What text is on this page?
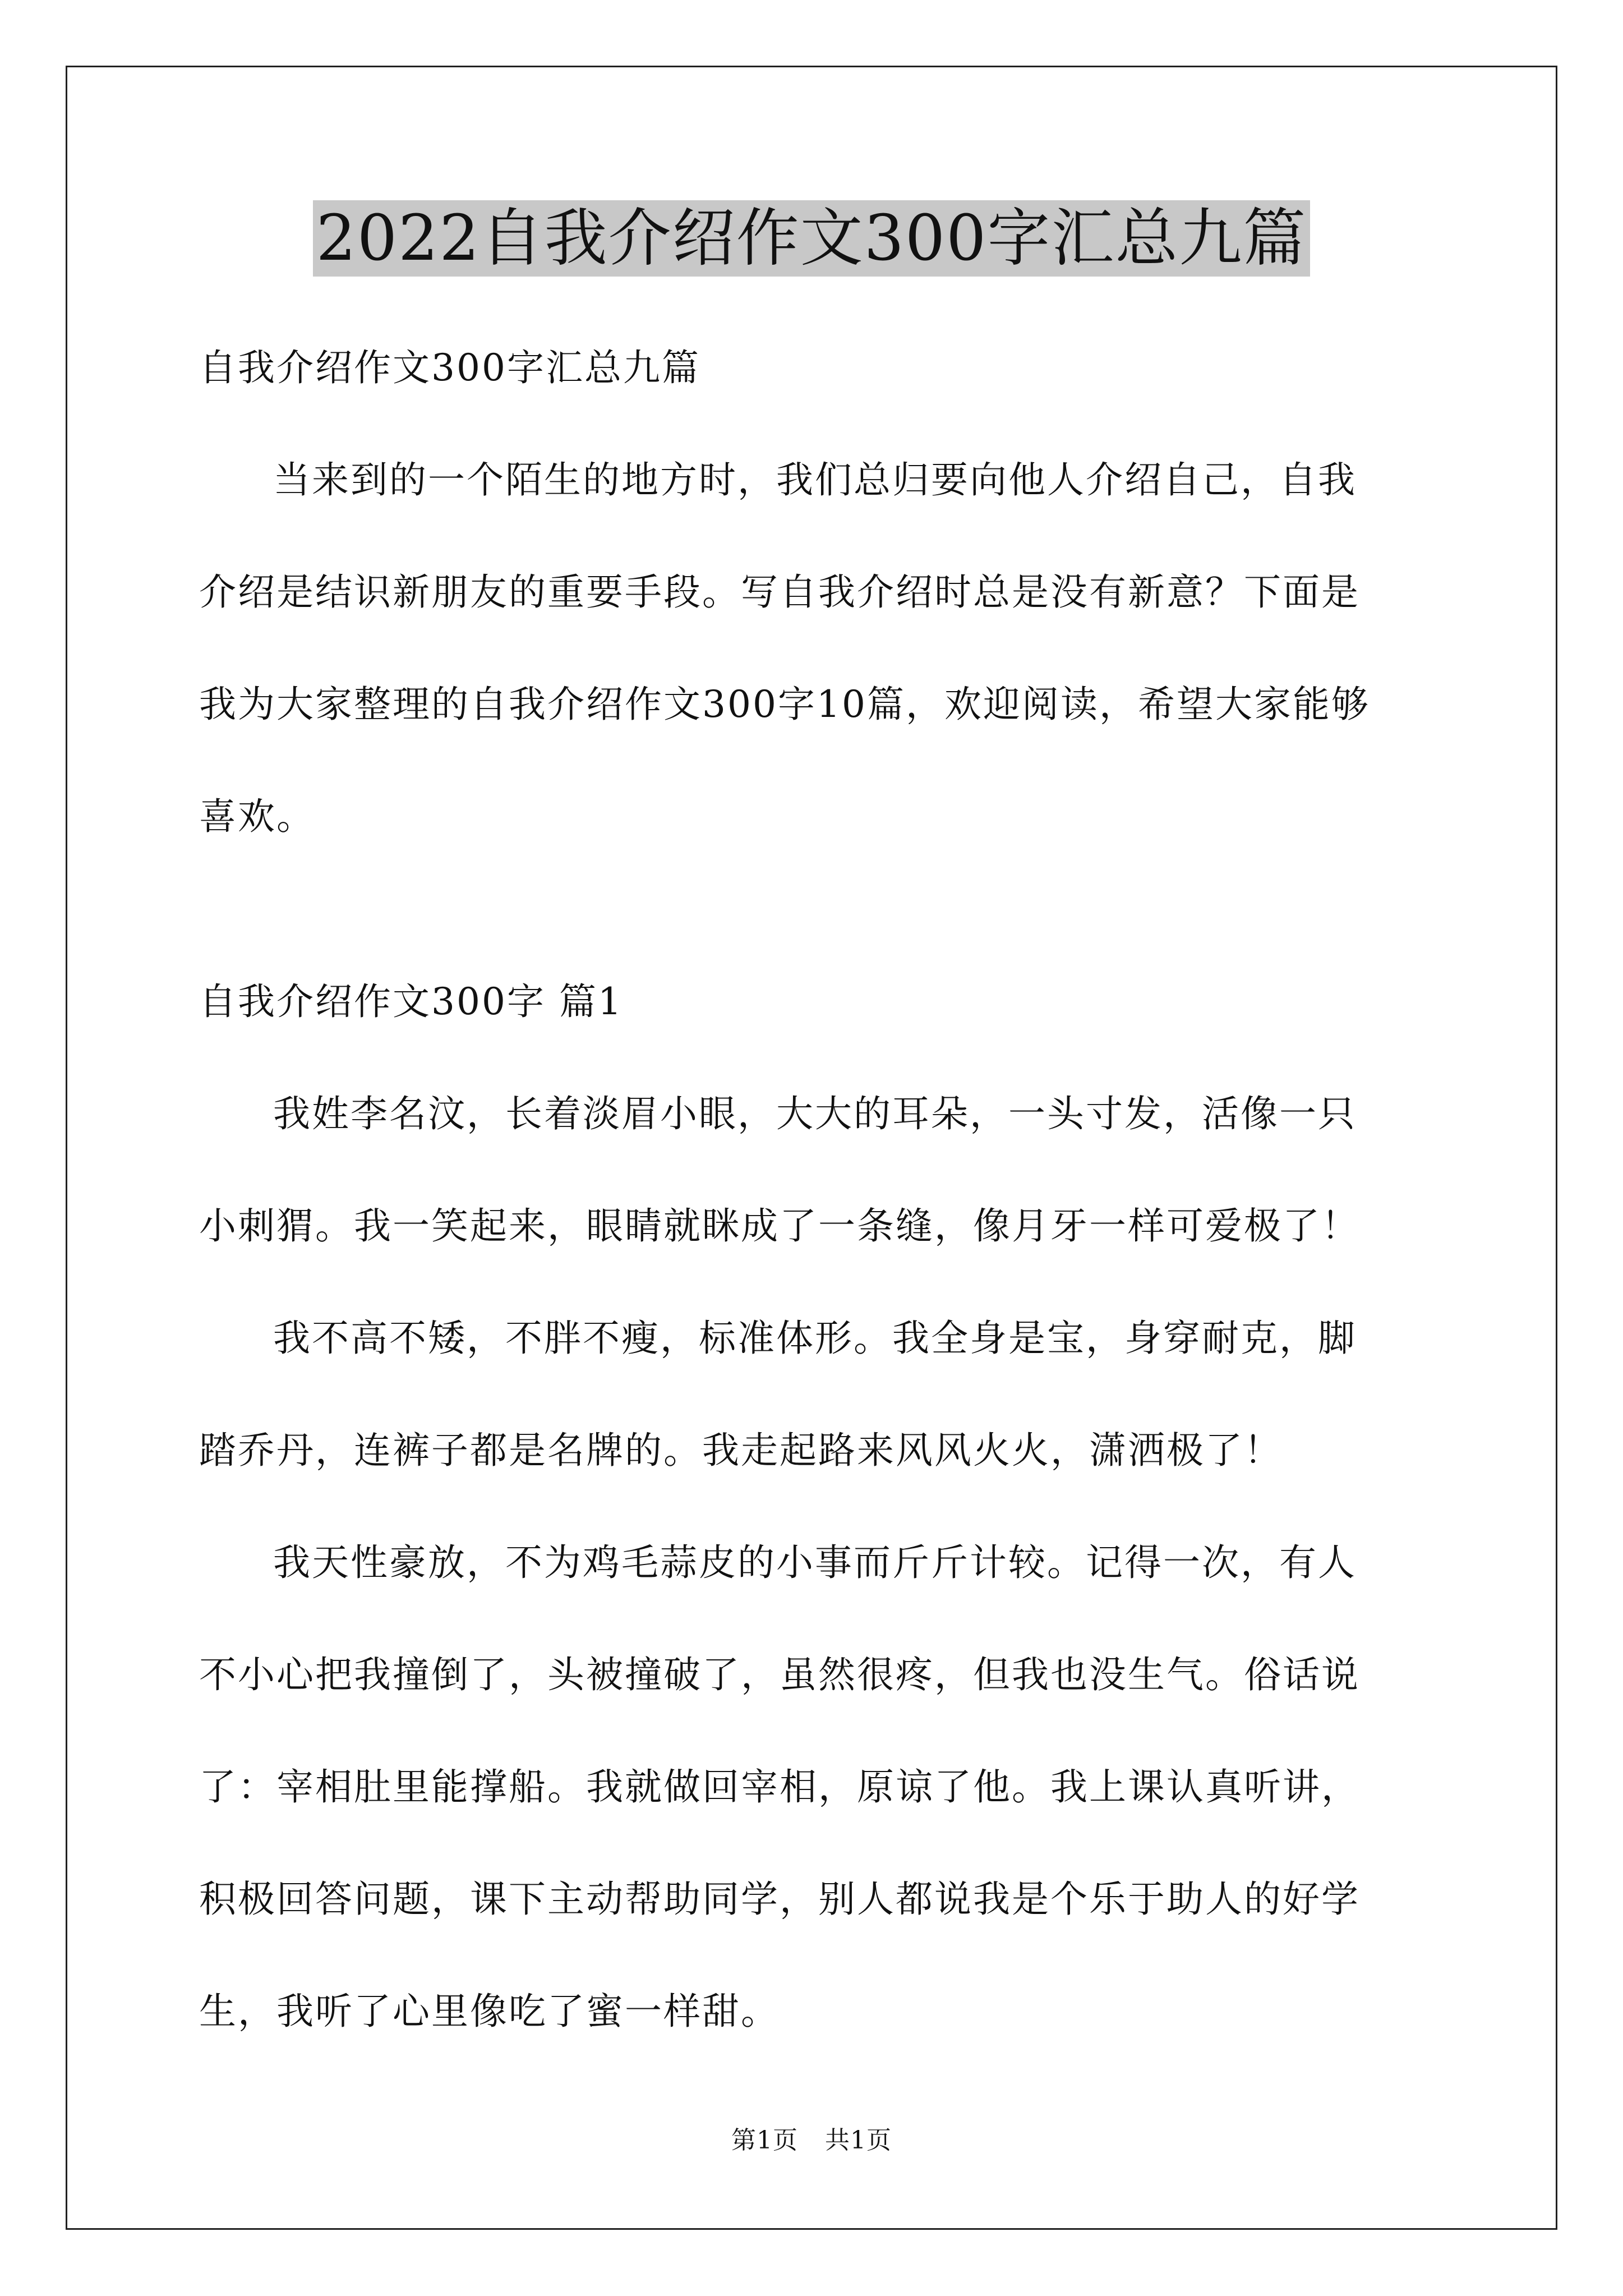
2022自我介绍作文300字汇总九篇
自我介绍作文300字汇总九篇
当来到的一个陌生的地方时，我们总归要向他人介绍自己，自我
介绍是结识新朋友的重要手段。写自我介绍时总是没有新意？下面是
我为大家整理的自我介绍作文300字10篇，欢迎阅读，希望大家能够
喜欢。
自我介绍作文300字 篇1
我姓李名汶，长着淡眉小眼，大大的耳朵，一头寸发，活像一只
小刺猬。我一笑起来，眼睛就眯成了一条缝，像月牙一样可爱极了！
我不高不矮，不胖不瘦，标准体形。我全身是宝，身穿耐克，脚
踏乔丹，连裤子都是名牌的。我走起路来风风火火，潇洒极了！
我天性豪放，不为鸡毛蒜皮的小事而斤斤计较。记得一次，有人
不小心把我撞倒了，头被撞破了，虽然很疼，但我也没生气。俗话说
了：宰相肚里能撑船。我就做回宰相，原谅了他。我上课认真听讲，
积极回答问题，课下主动帮助同学，别人都说我是个乐于助人的好学
生，我听了心里像吃了蜜一样甜。
第1页 共1页
